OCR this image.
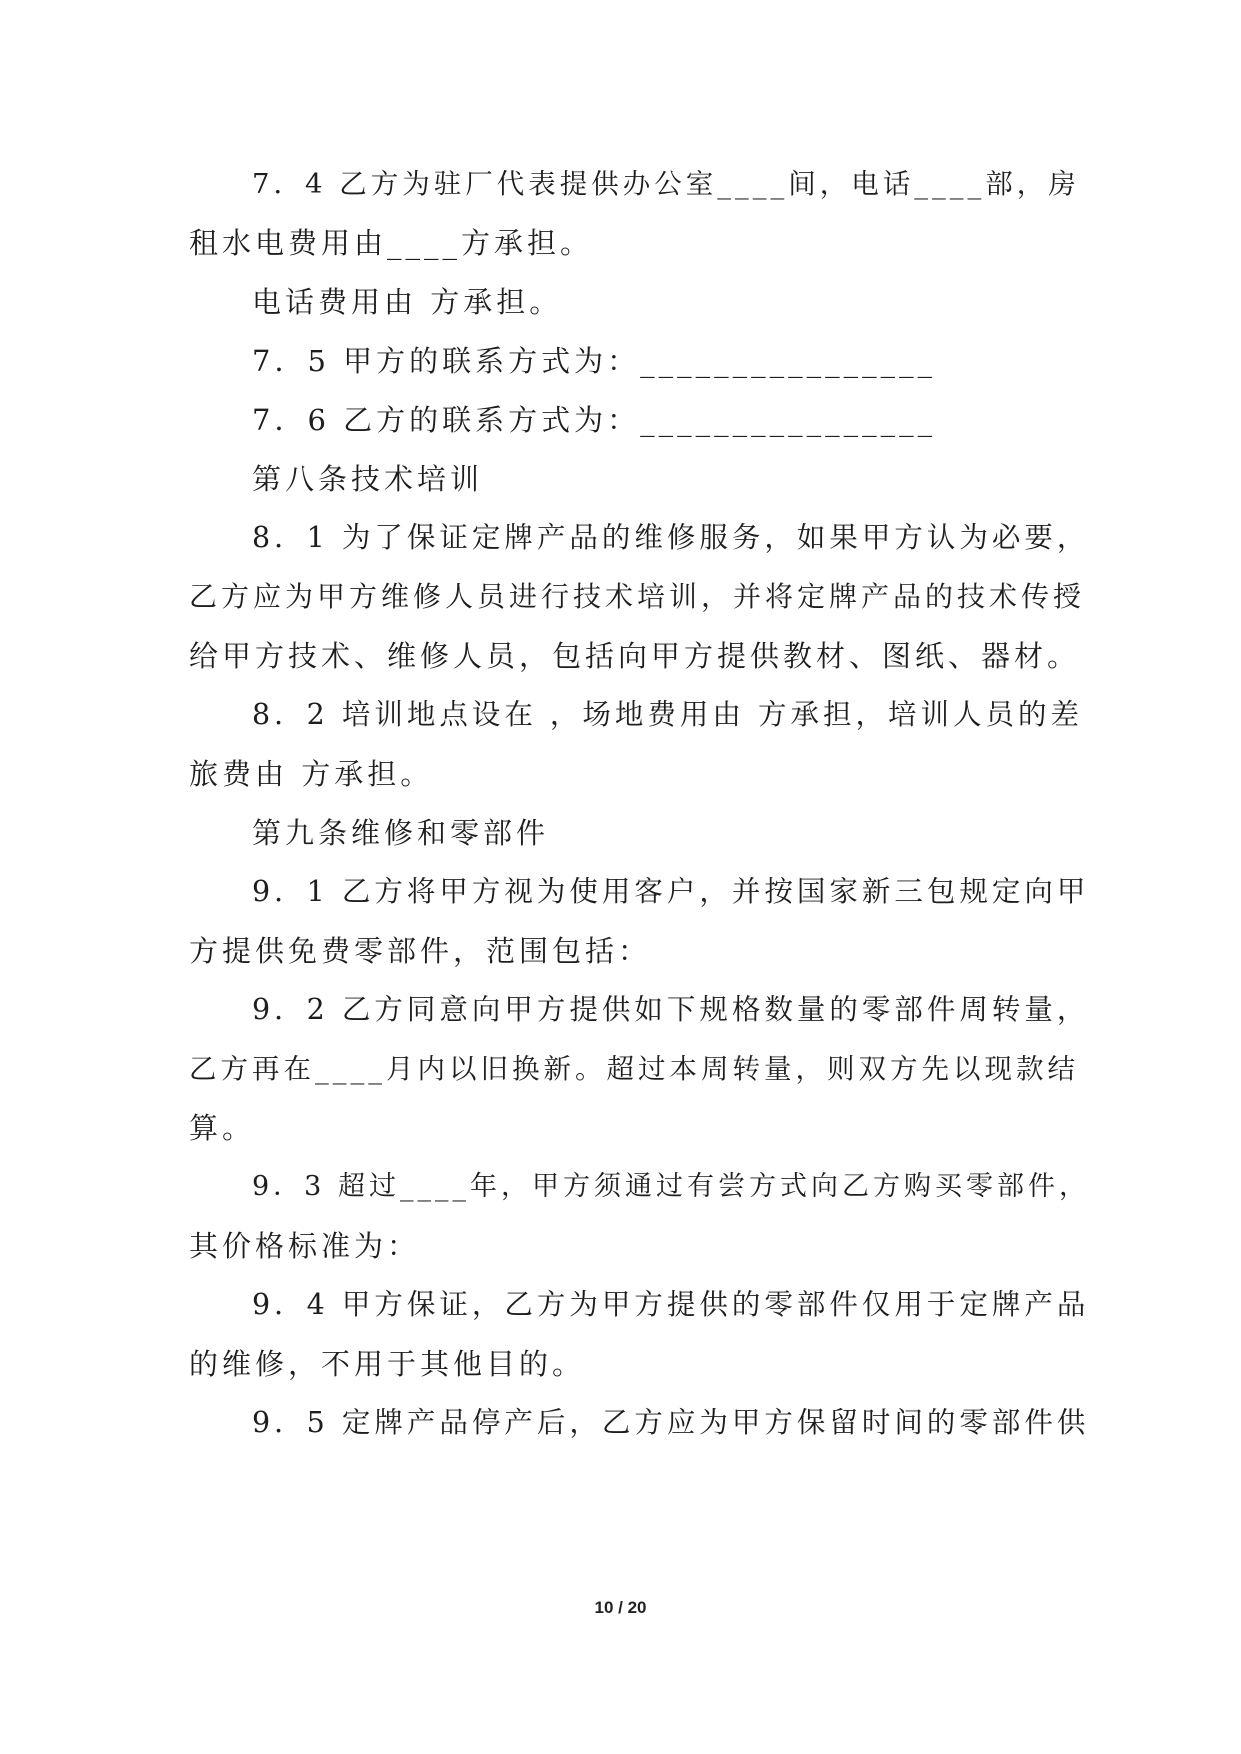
7．4 乙方为驻厂代表提供办公室____间，电话____部，房
租水电费用由____方承担。
电话费用由 方承担。
7．5 甲方的联系方式为：________________
7．6 乙方的联系方式为：________________
第八条技术培训
8．1 为了保证定牌产品的维修服务，如果甲方认为必要，
乙方应为甲方维修人员进行技术培训，并将定牌产品的技术传授
给甲方技术、维修人员，包括向甲方提供教材、图纸、器材。
8．2 培训地点设在 ，场地费用由 方承担，培训人员的差
旅费由 方承担。
第九条维修和零部件
9．1 乙方将甲方视为使用客户，并按国家新三包规定向甲
方提供免费零部件，范围包括：
9．2 乙方同意向甲方提供如下规格数量的零部件周转量，
乙方再在____月内以旧换新。超过本周转量，则双方先以现款结
算。
9．3 超过____年，甲方须通过有尝方式向乙方购买零部件，
其价格标准为：
9．4 甲方保证，乙方为甲方提供的零部件仅用于定牌产品
的维修，不用于其他目的。
9．5 定牌产品停产后，乙方应为甲方保留时间的零部件供
10 / 20
